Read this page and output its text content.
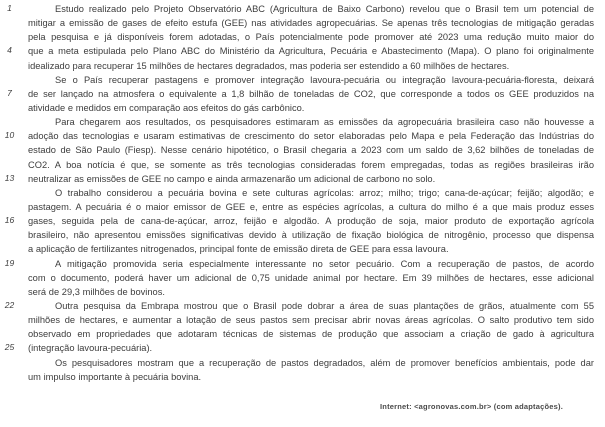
1	Estudo realizado pelo Projeto Observatório ABC (Agricultura de Baixo Carbono) revelou que o Brasil tem um potencial de
mitigar a emissão de gases de efeito estufa (GEE) nas atividades agropecuárias. Se apenas três tecnologias de mitigação geradas
pela pesquisa e já disponíveis forem adotadas, o País potencialmente pode promover até 2023 uma redução muito maior do
4	que a meta estipulada pelo Plano ABC do Ministério da Agricultura, Pecuária e Abastecimento (Mapa). O plano foi originalmente
idealizado para recuperar 15 milhões de hectares degradados, mas poderia ser estendido a 60 milhões de hectares.
Se o País recuperar pastagens e promover integração lavoura-pecuária ou integração lavoura-pecuária-floresta, deixará
7	de ser lançado na atmosfera o equivalente a 1,8 bilhão de toneladas de CO2, que corresponde a todos os GEE produzidos na
atividade e medidos em comparação aos efeitos do gás carbônico.
Para chegarem aos resultados, os pesquisadores estimaram as emissões da agropecuária brasileira caso não houvesse a
10	adoção das tecnologias e usaram estimativas de crescimento do setor elaboradas pelo Mapa e pela Federação das Indústrias do
estado de São Paulo (Fiesp). Nesse cenário hipotético, o Brasil chegaria a 2023 com um saldo de 3,62 bilhões de toneladas de
CO2. A boa notícia é que, se somente as três tecnologias consideradas forem empregadas, todas as regiões brasileiras irão
13	neutralizar as emissões de GEE no campo e ainda armazenarão um adicional de carbono no solo.
O trabalho considerou a pecuária bovina e sete culturas agrícolas: arroz; milho; trigo; cana-de-açúcar; feijão; algodão; e
pastagem. A pecuária é o maior emissor de GEE e, entre as espécies agrícolas, a cultura do milho é a que mais produz esses
16	gases, seguida pela de cana-de-açúcar, arroz, feijão e algodão. A produção de soja, maior produto de exportação agrícola
brasileiro, não apresentou emissões significativas devido à utilização de fixação biológica de nitrogênio, processo que dispensa
a aplicação de fertilizantes nitrogenados, principal fonte de emissão direta de GEE para essa lavoura.
19	A mitigação promovida seria especialmente interessante no setor pecuário. Com a recuperação de pastos, de acordo
com o documento, poderá haver um adicional de 0,75 unidade animal por hectare. Em 39 milhões de hectares, esse adicional
será de 29,3 milhões de bovinos.
22	Outra pesquisa da Embrapa mostrou que o Brasil pode dobrar a área de suas plantações de grãos, atualmente com 55
milhões de hectares, e aumentar a lotação de seus pastos sem precisar abrir novas áreas agrícolas. O salto produtivo tem sido
observado em propriedades que adotaram técnicas de sistemas de produção que associam a criação de gado à agricultura
25	(integração lavoura-pecuária).
Os pesquisadores mostram que a recuperação de pastos degradados, além de promover benefícios ambientais, pode dar
um impulso importante à pecuária bovina.
Internet: <agronovas.com.br> (com adaptações).
